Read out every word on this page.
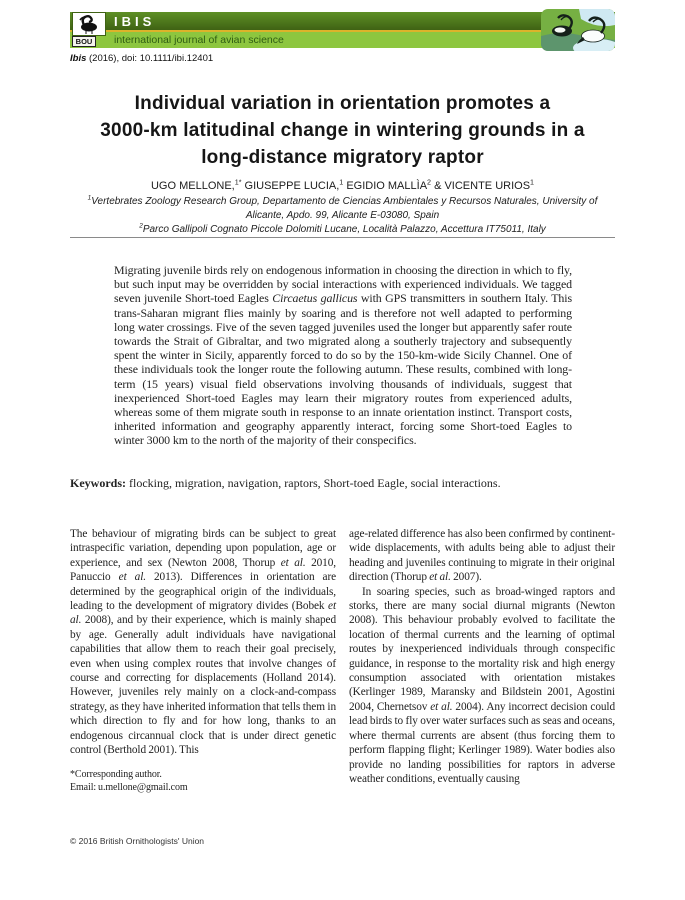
IBIS
international journal of avian science
BOU
Ibis (2016), doi: 10.1111/ibi.12401
Individual variation in orientation promotes a
3000-km latitudinal change in wintering grounds in a
long-distance migratory raptor
UGO MELLONE,$^{1*}$ GIUSEPPE LUCIA,$^1$ EGIDIO MALLÌA$^2$ & VICENTE URIOS$^1$
$^1$Vertebrates Zoology Research Group, Departamento de Ciencias Ambientales y Recursos Naturales, University of Alicante, Apdo. 99, Alicante E-03080, Spain
$^2$Parco Gallipoli Cognato Piccole Dolomiti Lucane, Località Palazzo, Accettura IT75011, Italy
Migrating juvenile birds rely on endogenous information in choosing the direction in which to fly, but such input may be overridden by social interactions with experienced individuals. We tagged seven juvenile Short-toed Eagles Circaetus gallicus with GPS transmitters in southern Italy. This trans-Saharan migrant flies mainly by soaring and is therefore not well adapted to performing long water crossings. Five of the seven tagged juveniles used the longer but apparently safer route towards the Strait of Gibraltar, and two migrated along a southerly trajectory and subsequently spent the winter in Sicily, apparently forced to do so by the 150-km-wide Sicily Channel. One of these individuals took the longer route the following autumn. These results, combined with long-term (15 years) visual field observations involving thousands of individuals, suggest that inexperienced Short-toed Eagles may learn their migratory routes from experienced adults, whereas some of them migrate south in response to an innate orientation instinct. Transport costs, inherited information and geography apparently interact, forcing some Short-toed Eagles to winter 3000 km to the north of the majority of their conspecifics.
Keywords: flocking, migration, navigation, raptors, Short-toed Eagle, social interactions.

The behaviour of migrating birds can be subject to great intraspecific variation, depending upon population, age or experience, and sex (Newton 2008, Thorup et al. 2010, Panuccio et al. 2013). Differences in orientation are determined by the geographical origin of the individuals, leading to the development of migratory divides (Bobek et al. 2008), and by their experience, which is mainly shaped by age. Generally adult individuals have navigational capabilities that allow them to reach their goal precisely, even when using complex routes that involve changes of course and correcting for displacements (Holland 2014). However, juveniles rely mainly on a clock-and-compass strategy, as they have inherited information that tells them in which direction to fly and for how long, thanks to an endogenous circannual clock that is under direct genetic control (Berthold 2001). This

*Corresponding author.
Email: u.mellone@gmail.com

age-related difference has also been confirmed by continent-wide displacements, with adults being able to adjust their heading and juveniles continuing to migrate in their original direction (Thorup et al. 2007).

In soaring species, such as broad-winged raptors and storks, there are many social diurnal migrants (Newton 2008). This behaviour probably evolved to facilitate the location of thermal currents and the learning of optimal routes by inexperienced individuals through conspecific guidance, in response to the mortality risk and high energy consumption associated with orientation mistakes (Kerlinger 1989, Maransky and Bildstein 2001, Agostini 2004, Chernetsov et al. 2004). Any incorrect decision could lead birds to fly over water surfaces such as seas and oceans, where thermal currents are absent (thus forcing them to perform flapping flight; Kerlinger 1989). Water bodies also provide no landing possibilities for raptors in adverse weather conditions, eventually causing

© 2016 British Ornithologists' Union
